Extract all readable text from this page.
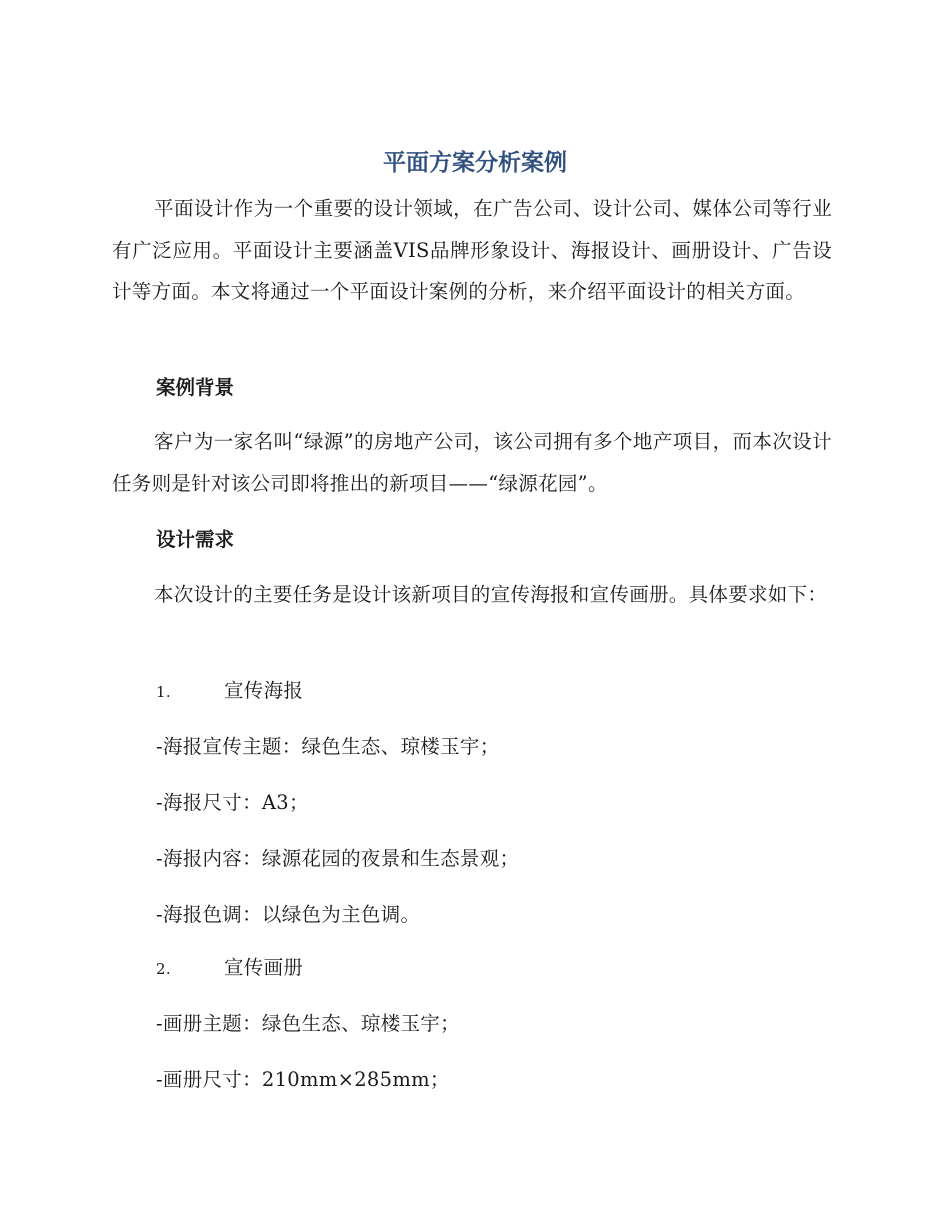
平面方案分析案例

平面设计作为一个重要的设计领域，在广告公司、设计公司、媒体公司等行业有广泛应用。平面设计主要涵盖VIS品牌形象设计、海报设计、画册设计、广告设计等方面。本文将通过一个平面设计案例的分析，来介绍平面设计的相关方面。

案例背景

客户为一家名叫“绿源”的房地产公司，该公司拥有多个地产项目，而本次设计任务则是针对该公司即将推出的新项目——“绿源花园”。

设计需求

本次设计的主要任务是设计该新项目的宣传海报和宣传画册。具体要求如下：

1.	宣传海报
-海报宣传主题：绿色生态、琼楼玉宇；
-海报尺寸：A3；
-海报内容：绿源花园的夜景和生态景观；
-海报色调：以绿色为主色调。
2.	宣传画册
-画册主题：绿色生态、琼楼玉宇；
-画册尺寸：210mm×285mm；
